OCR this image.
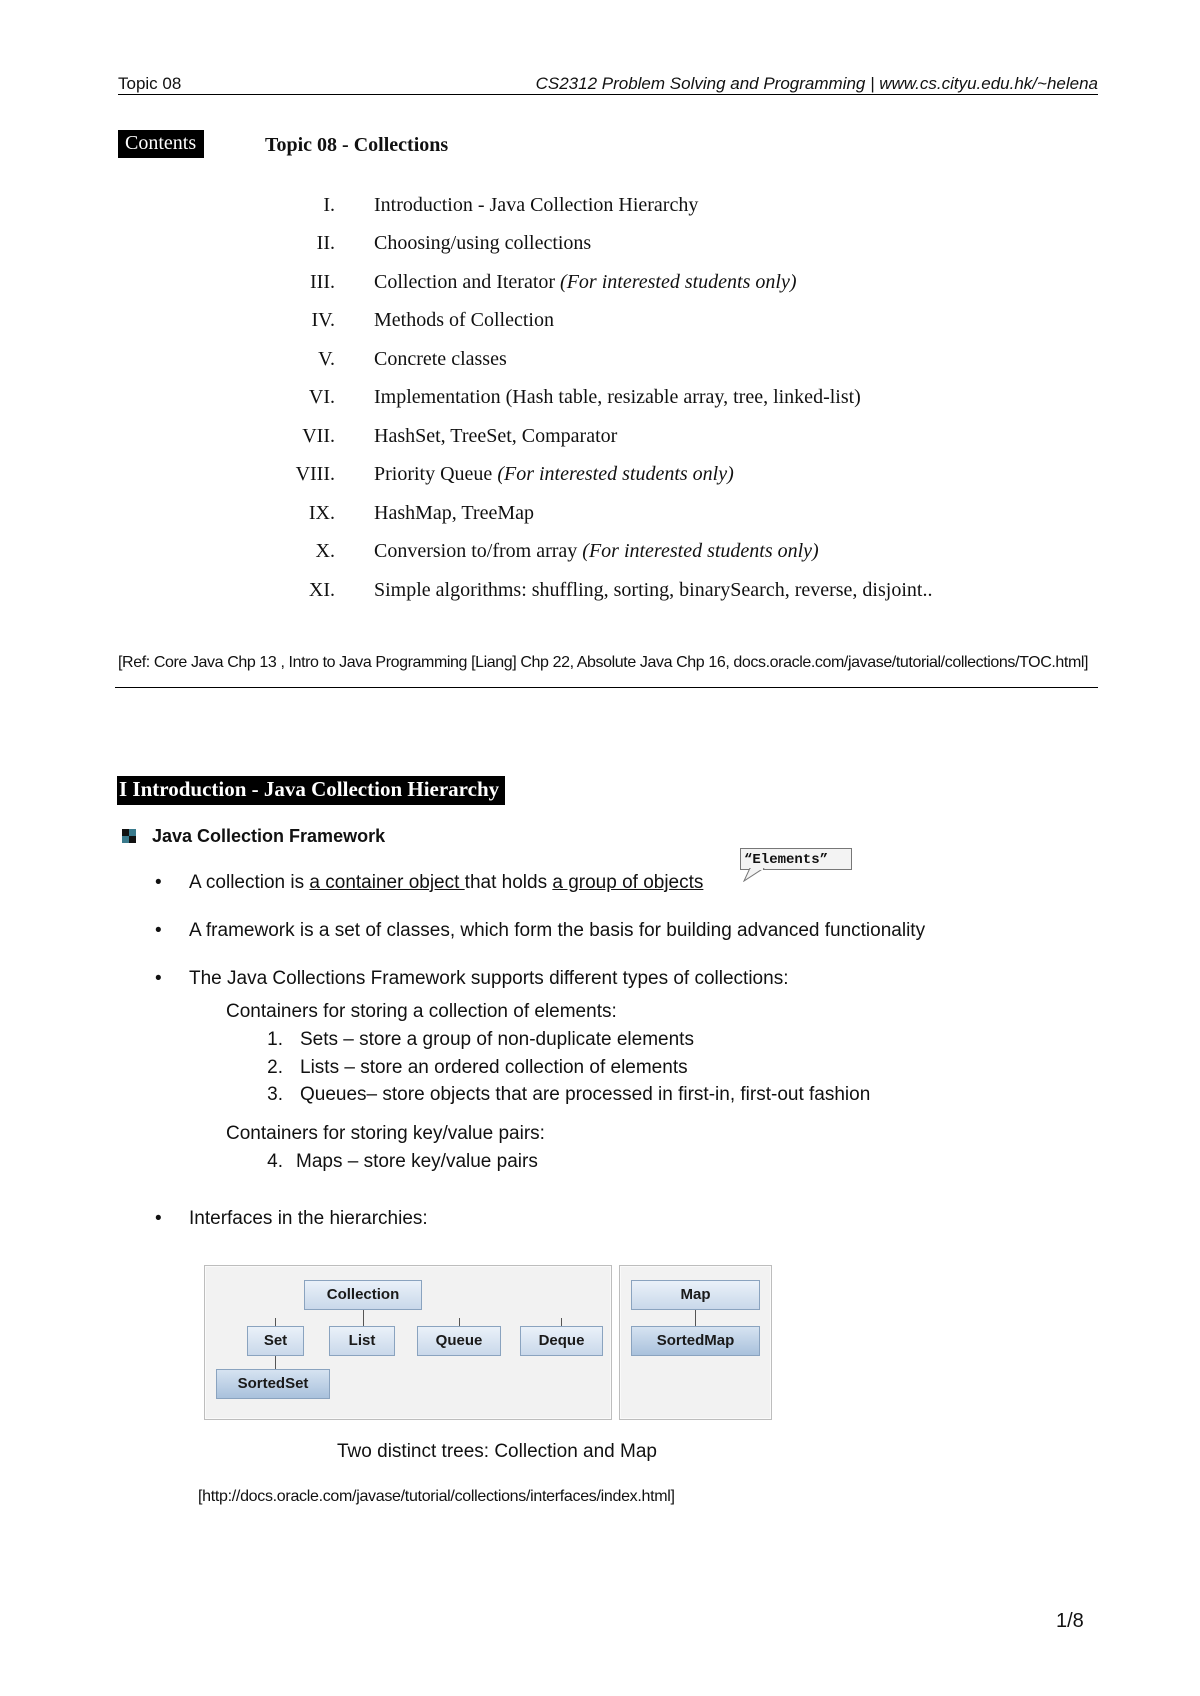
Topic 08	CS2312 Problem Solving and Programming | www.cs.cityu.edu.hk/~helena
Contents	Topic 08 - Collections
I. Introduction - Java Collection Hierarchy
II. Choosing/using collections
III. Collection and Iterator (For interested students only)
IV. Methods of Collection
V. Concrete classes
VI. Implementation (Hash table, resizable array, tree, linked-list)
VII. HashSet, TreeSet, Comparator
VIII. Priority Queue (For interested students only)
IX. HashMap, TreeMap
X. Conversion to/from array (For interested students only)
XI. Simple algorithms: shuffling, sorting, binarySearch, reverse, disjoint..
[Ref: Core Java Chp 13 , Intro to Java Programming [Liang] Chp 22, Absolute Java Chp 16, docs.oracle.com/javase/tutorial/collections/TOC.html]
I Introduction - Java Collection Hierarchy
Java Collection Framework
• A collection is a container object that holds a group of objects
“Elements”
• A framework is a set of classes, which form the basis for building advanced functionality
• The Java Collections Framework supports different types of collections:
Containers for storing a collection of elements:
1. Sets – store a group of non-duplicate elements
2. Lists – store an ordered collection of elements
3. Queues– store objects that are processed in first-in, first-out fashion
Containers for storing key/value pairs:
4. Maps – store key/value pairs
• Interfaces in the hierarchies:
Collection
Set	List	Queue	Deque
SortedSet
Map
SortedMap
Two distinct trees: Collection and Map
[http://docs.oracle.com/javase/tutorial/collections/interfaces/index.html]
1/8
